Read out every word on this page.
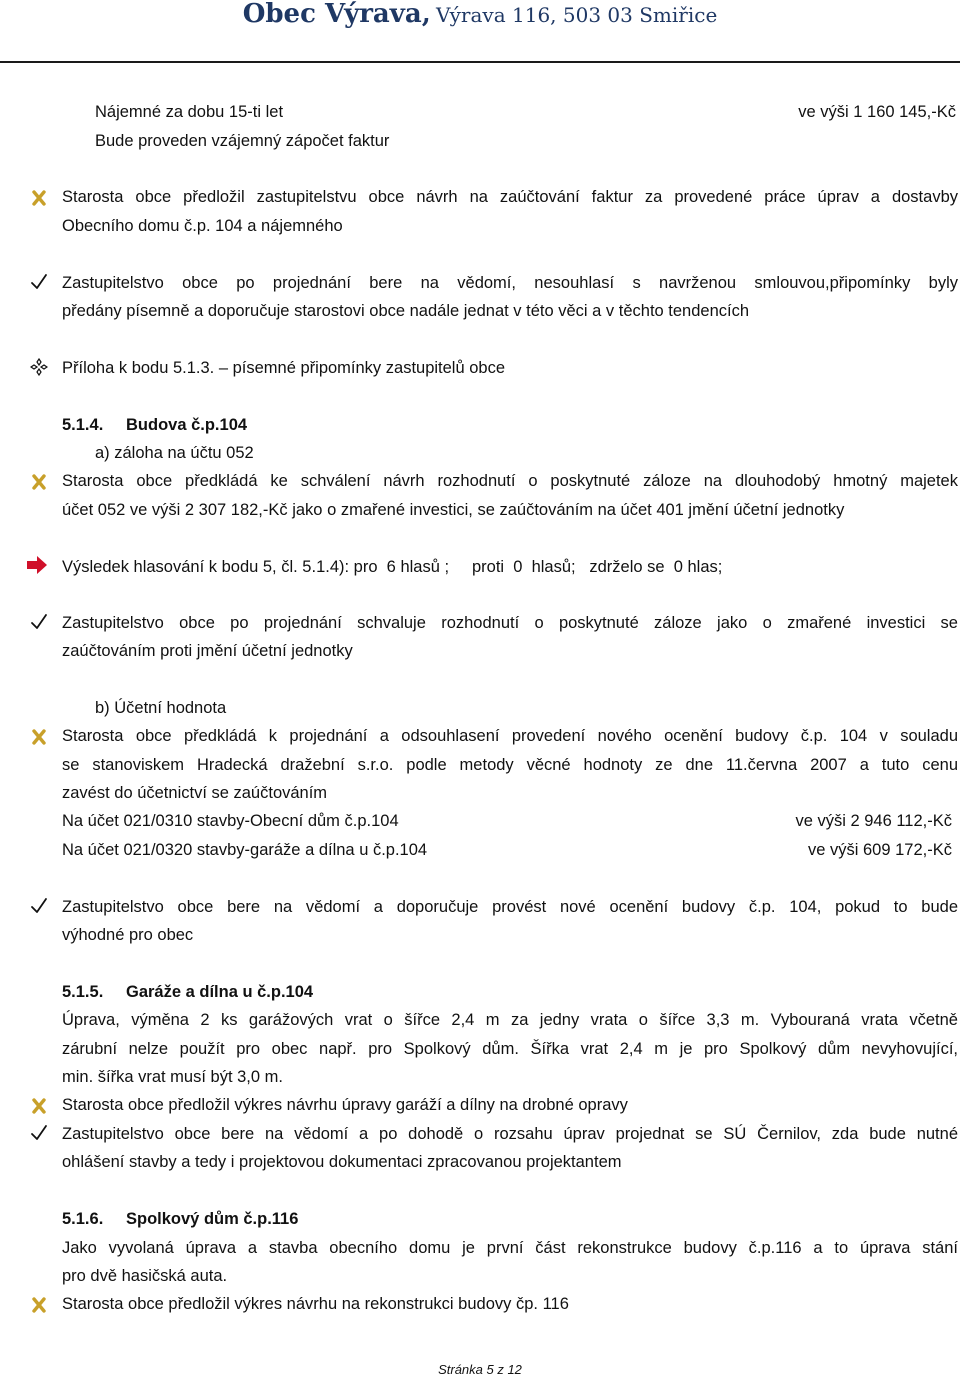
Obec Výrava, Výrava 116, 503 03 Smiřice
Nájemné za dobu 15-ti let	ve výši 1 160 145,-Kč
Bude proveden vzájemný zápočet faktur
Starosta obce předložil zastupitelstvu obce návrh na zaúčtování faktur za provedené práce úprav a dostavby
Obecního domu č.p. 104 a nájemného
Zastupitelstvo obce po projednání bere na vědomí, nesouhlasí s navrženou smlouvou,připomínky byly
předány písemně a doporučuje starostovi obce nadále jednat v této věci a v těchto tendencích
Příloha k bodu 5.1.3. – písemné připomínky zastupitelů obce
5.1.4. Budova č.p.104
a) záloha na účtu 052
Starosta obce předkládá ke schválení návrh rozhodnutí o poskytnuté záloze na dlouhodobý hmotný majetek
účet 052 ve výši 2 307 182,-Kč jako o zmařené investici, se zaúčtováním na účet 401 jmění účetní jednotky
Výsledek hlasování k bodu 5, čl. 5.1.4): pro  6 hlasů ;     proti  0  hlasů;   zdrželo se  0 hlas;
Zastupitelstvo obce po projednání schvaluje rozhodnutí o poskytnuté záloze jako o zmařené investici se
zaúčtováním proti jmění účetní jednotky
b) Účetní hodnota
Starosta obce předkládá k projednání a odsouhlasení provedení nového ocenění budovy č.p. 104 v souladu
se stanoviskem Hradecká dražební s.r.o. podle metody věcné hodnoty ze dne 11.června 2007 a tuto cenu
zavést do účetnictví se zaúčtováním
Na účet 021/0310 stavby-Obecní dům č.p.104	ve výši 2 946 112,-Kč
Na účet 021/0320 stavby-garáže a dílna u č.p.104	ve výši 609 172,-Kč
Zastupitelstvo obce bere na vědomí a doporučuje provést nové ocenění budovy č.p. 104, pokud to bude
výhodné pro obec
5.1.5. Garáže a dílna u č.p.104
Úprava, výměna 2 ks garážových vrat o šířce 2,4 m za jedny vrata o šířce 3,3 m. Vybouraná vrata včetně
zárubní nelze použít pro obec např. pro Spolkový dům. Šířka vrat 2,4 m je pro Spolkový dům nevyhovující,
min. šířka vrat musí být 3,0 m.
Starosta obce předložil výkres návrhu úpravy garáží a dílny na drobné opravy
Zastupitelstvo obce bere na vědomí a po dohodě o rozsahu úprav projednat se SÚ Černilov, zda bude nutné
ohlášení stavby a tedy i projektovou dokumentaci zpracovanou projektantem
5.1.6. Spolkový dům č.p.116
Jako vyvolaná úprava a stavba obecního domu je první část rekonstrukce budovy č.p.116 a to úprava stání
pro dvě hasičská auta.
Starosta obce předložil výkres návrhu na rekonstrukci budovy čp. 116
Stránka 5 z 12
